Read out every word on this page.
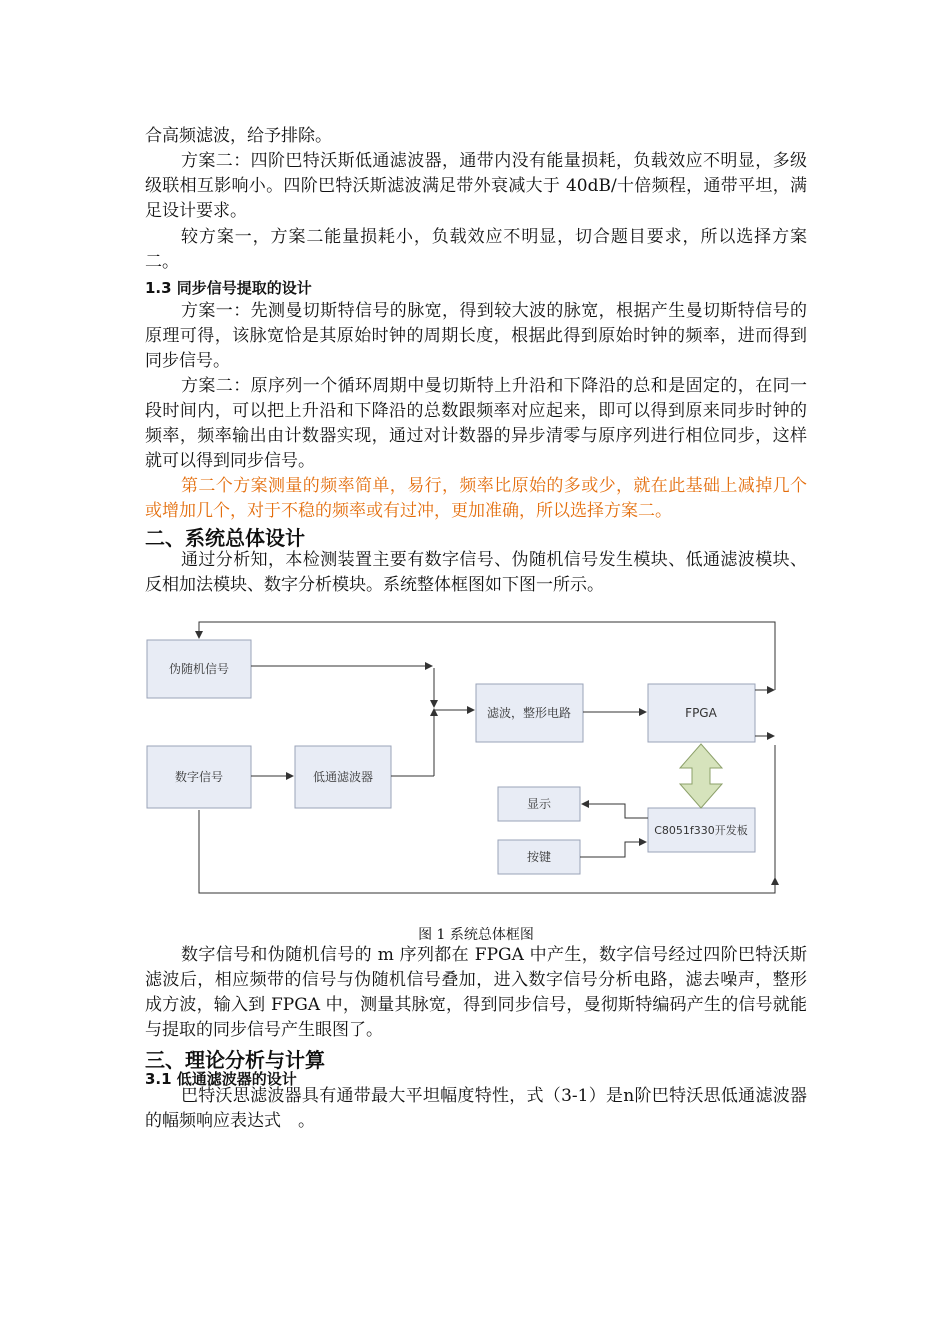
合高频滤波，给予排除。

方案二：四阶巴特沃斯低通滤波器，通带内没有能量损耗，负载效应不明显，多级级联相互影响小。四阶巴特沃斯滤波满足带外衰减大于 40dB/十倍频程，通带平坦，满足设计要求。

较方案一，方案二能量损耗小，负载效应不明显，切合题目要求，所以选择方案二。

1.3 同步信号提取的设计

方案一：先测曼切斯特信号的脉宽，得到较大波的脉宽，根据产生曼切斯特信号的原理可得，该脉宽恰是其原始时钟的周期长度，根据此得到原始时钟的频率，进而得到同步信号。

方案二：原序列一个循环周期中曼切斯特上升沿和下降沿的总和是固定的，在同一段时间内，可以把上升沿和下降沿的总数跟频率对应起来，即可以得到原来同步时钟的频率，频率输出由计数器实现，通过对计数器的异步清零与原序列进行相位同步，这样就可以得到同步信号。

第二个方案测量的频率简单，易行，频率比原始的多或少，就在此基础上减掉几个或增加几个，对于不稳的频率或有过冲，更加准确，所以选择方案二。

二、系统总体设计

通过分析知，本检测装置主要有数字信号、伪随机信号发生模块、低通滤波模块、反相加法模块、数字分析模块。系统整体框图如下图一所示。

伪随机信号
数字信号	低通滤波器
滤波，整形电路	FPGA
C8051f330开发板
显示
按键

图 1 系统总体框图

数字信号和伪随机信号的 m 序列都在 FPGA 中产生，数字信号经过四阶巴特沃斯滤波后，相应频带的信号与伪随机信号叠加，进入数字信号分析电路，滤去噪声，整形成方波，输入到 FPGA 中，测量其脉宽，得到同步信号，曼彻斯特编码产生的信号就能与提取的同步信号产生眼图了。

三、理论分析与计算

3.1 低通滤波器的设计

巴特沃思滤波器具有通带最大平坦幅度特性，式（3-1）是n阶巴特沃思低通滤波器的幅频响应表达式　。
